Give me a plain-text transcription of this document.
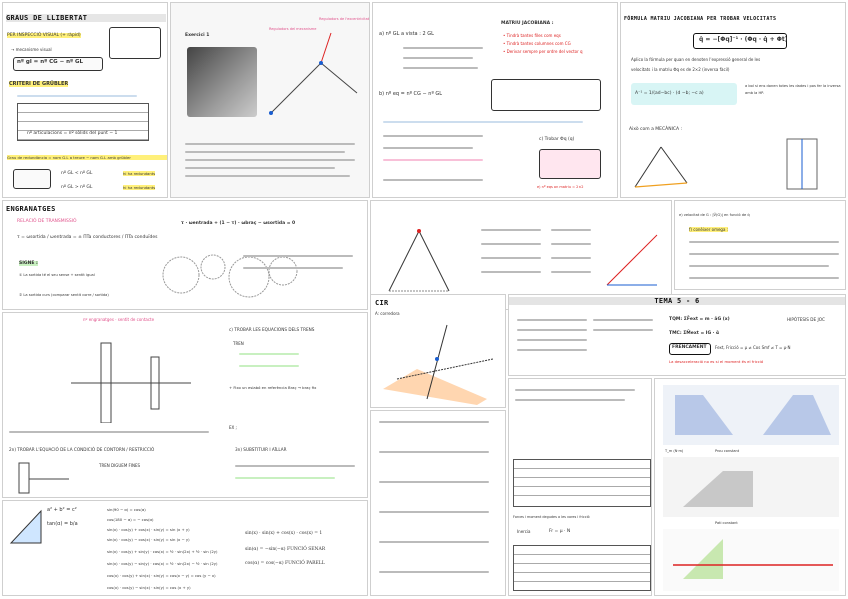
GRAUS DE LLIBERTAT
PER INSPECCIÓ VISUAL (+ ràpid)
→ mecanisme visual
nº gl = nº CG − nº GL
CRITERI DE GRÜBLER
nº articulacions = nº sòlids del punt − 1
Grau de redundància = nom G.L a treure − nom G.L amb grübler
nº GL < nº GL
nº GL > nº GL
hi ha redundants
hi ha redundants
Exercici 1
Reguladors del mecanisme
Reguladors de l'excentricitat
a) nº GL a vista : 2 GL
MATRIU JACOBIANA :
• Tindrà tantes files com eqs
• Tindrà tantes columnes com CG
• Derivar sempre per ordre del vector q
b) nº eq = nº CG − nº GL
c) Trobar Φq (q)
e) nº eqs on matriu = 2×2
FÓRMULA MATRIU JACOBIANA PER TROBAR VELOCITATS
q̇ = −[Φq]⁻¹ · (Φq · q̇ + Φt)
Aplico la fórmula per quan en denoten l'expressió general de les
velocitats i la matriu Φq es de 2×2 (inversa fàcil)
A⁻¹ = 1/(ad−bc) · (d −b; −c a)
a bol si ens donen totes les dades i pos fer la inversa amb la HP.
Això com a MECÀNICA :
ENGRANATGES
RELACIÓ DE TRANSMISSIÓ
τ = ωsortida / ωentrada = ± ΠTa conductores / ΠTa conduïdes
τ · ωentrada + (1 − τ) · ωbraç − ωsortida = 0
SIGNE :
① La sortida té el seu sense + sentit igual
② La sortida curs (comparar sentit corre / sortida)
e) velocitat de G : |Ṽ(G)| en funció de q̇
f) conèixer omega :
nº engranatges · sentit de contacte
c) TROBAR LES EQUACIONS DELS TRENS
TREN
+ Fixo un eslabó en referència Braç → braç fix
EX ;
2n) TROBAR L'EQUACIÓ DE LA CONDICIÓ DE CONTORN / RESTRICCIÓ
TREN DIGUEM FINES
3n) SUBSTITUIR I AÏLLAR
CIR
A: corredora
TEMA 5 - 6
TQM: ΣF̄ext = m · āG (x)	HIPÒTESIS DE JOC
TMC: ΣM̄ext = IG · ᾱ
FRENCAMENT Fext, Fricció = μ ≠ Cos Smf ≠ T = μ·N
La desacceleració no es si el moment és el fricció
T_m (N·m)	Prou constant
Pati constant
Forces i moment degudes a les vores i fricció
Inercia	Fr = μ · N
a² + b² = c²
tan(α) = b/a
sin(90 − α) = cos(α)
cos(180 − α) = − cos(α)
sin(x) · cos(y) + cos(x) · sin(y) = sin (x + y)
sin(x) · cos(y) − cos(x) · sin(y) = sin (x − y)
sin(x) · cos(y) + sin(y) · cos(x) = ½ · sin(2x) + ½ · sin (2y)
sin(x) · cos(y) − sin(y) · cos(x) = ½ · sin(2x) − ½ · sin (2y)
cos(x) · cos(y) + sin(x) · sin(y) = cos(x − y) = cos (y − x)
cos(x) · cos(y) − sin(x) · sin(y) = cos (x + y)
sin(x) · sin(x) + cos(x) · cos(x) = 1
sin(α) = −sin(−α) FUNCIÓ SENAR
cos(α) = cos(−α) FUNCIÓ PARELL
